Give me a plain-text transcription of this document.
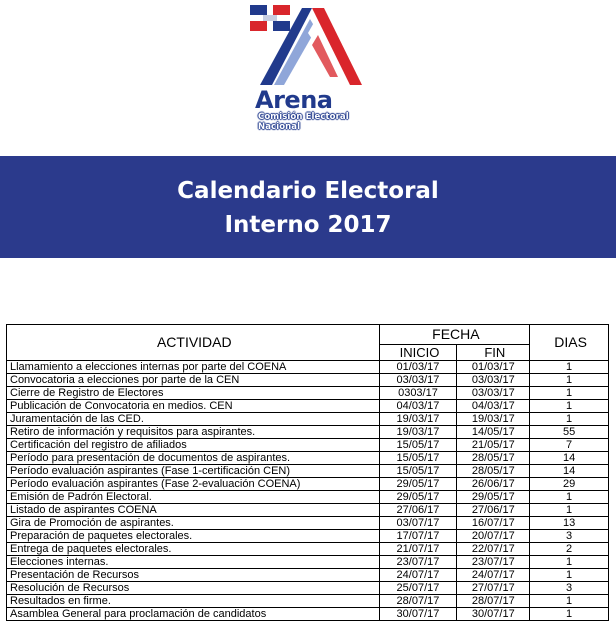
Arena
Comisión Electoral Nacional
Calendario Electoral
Interno 2017
ACTIVIDAD	FECHA		DIAS
	INICIO	FIN	
Llamamiento a elecciones internas por parte del COENA	01/03/17	01/03/17	1
Convocatoria a elecciones por parte de la CEN	03/03/17	03/03/17	1
Cierre de Registro de Electores	0303/17	03/03/17	1
Publicación de Convocatoria en medios. CEN	04/03/17	04/03/17	1
Juramentación de las CED.	19/03/17	19/03/17	1
Retiro de información y requisitos para aspirantes.	19/03/17	14/05/17	55
Certificación del registro de afiliados	15/05/17	21/05/17	7
Período para presentación de documentos de aspirantes.	15/05/17	28/05/17	14
Período evaluación aspirantes (Fase 1-certificación CEN)	15/05/17	28/05/17	14
Período evaluación aspirantes (Fase 2-evaluación COENA)	29/05/17	26/06/17	29
Emisión de Padrón Electoral.	29/05/17	29/05/17	1
Listado de aspirantes COENA	27/06/17	27/06/17	1
Gira de Promoción de aspirantes.	03/07/17	16/07/17	13
Preparación de paquetes electorales.	17/07/17	20/07/17	3
Entrega de paquetes electorales.	21/07/17	22/07/17	2
Elecciones internas.	23/07/17	23/07/17	1
Presentación de Recursos	24/07/17	24/07/17	1
Resolución de Recursos	25/07/17	27/07/17	3
Resultados en firme.	28/07/17	28/07/17	1
Asamblea General para proclamación de candidatos	30/07/17	30/07/17	1
